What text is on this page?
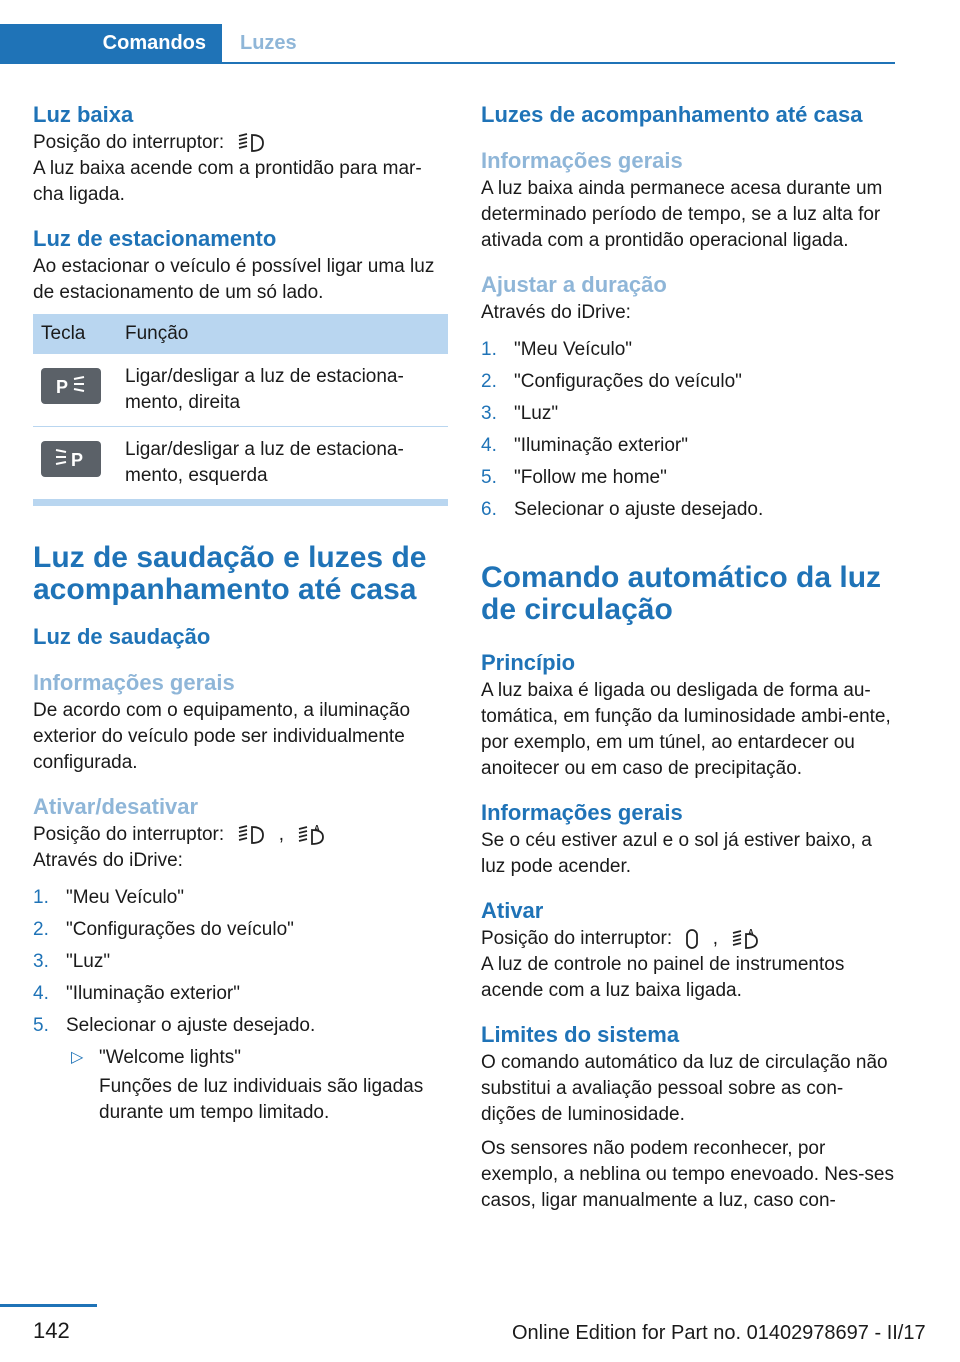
Comandos	Luzes
Luz baixa

Posição do interruptor:

A luz baixa acende com a prontidão para mar-cha ligada.

Luz de estacionamento

Ao estacionar o veículo é possível ligar uma luz de estacionamento de um só lado.

Tecla	Função

P	Ligar/desligar a luz de estaciona-mento, direita

P	Ligar/desligar a luz de estaciona-mento, esquerda
Luz de saudação e luzes de acompanhamento até casa
Luz de saudação
Informações gerais

De acordo com o equipamento, a iluminação exterior do veículo pode ser individualmente configurada.

Ativar/desativar

Posição do interruptor:	,	A

Através do iDrive:

1. "Meu Veículo"
2. "Configurações do veículo"
3. "Luz"
4. "Iluminação exterior"
5. Selecionar o ajuste desejado.
▷ "Welcome lights"
Funções de luz individuais são ligadas durante um tempo limitado.
Luzes de acompanhamento até casa
Informações gerais

A luz baixa ainda permanece acesa durante um determinado período de tempo, se a luz alta for ativada com a prontidão operacional ligada.

Ajustar a duração

Através do iDrive:

1. "Meu Veículo"
2. "Configurações do veículo"
3. "Luz"
4. "Iluminação exterior"
5. "Follow me home"
6. Selecionar o ajuste desejado.
Comando automático da luz de circulação
Princípio

A luz baixa é ligada ou desligada de forma au-tomática, em função da luminosidade ambi-ente, por exemplo, em um túnel, ao entardecer ou anoitecer ou em caso de precipitação.

Informações gerais

Se o céu estiver azul e o sol já estiver baixo, a luz pode acender.

Ativar

Posição do interruptor: ,	A

A luz de controle no painel de instrumentos acende com a luz baixa ligada.

Limites do sistema

O comando automático da luz de circulação não substitui a avaliação pessoal sobre as con-dições de luminosidade.

Os sensores não podem reconhecer, por exemplo, a neblina ou tempo enevoado. Nes-ses casos, ligar manualmente a luz, caso con-

142	Online Edition for Part no. 01402978697 - II/17
